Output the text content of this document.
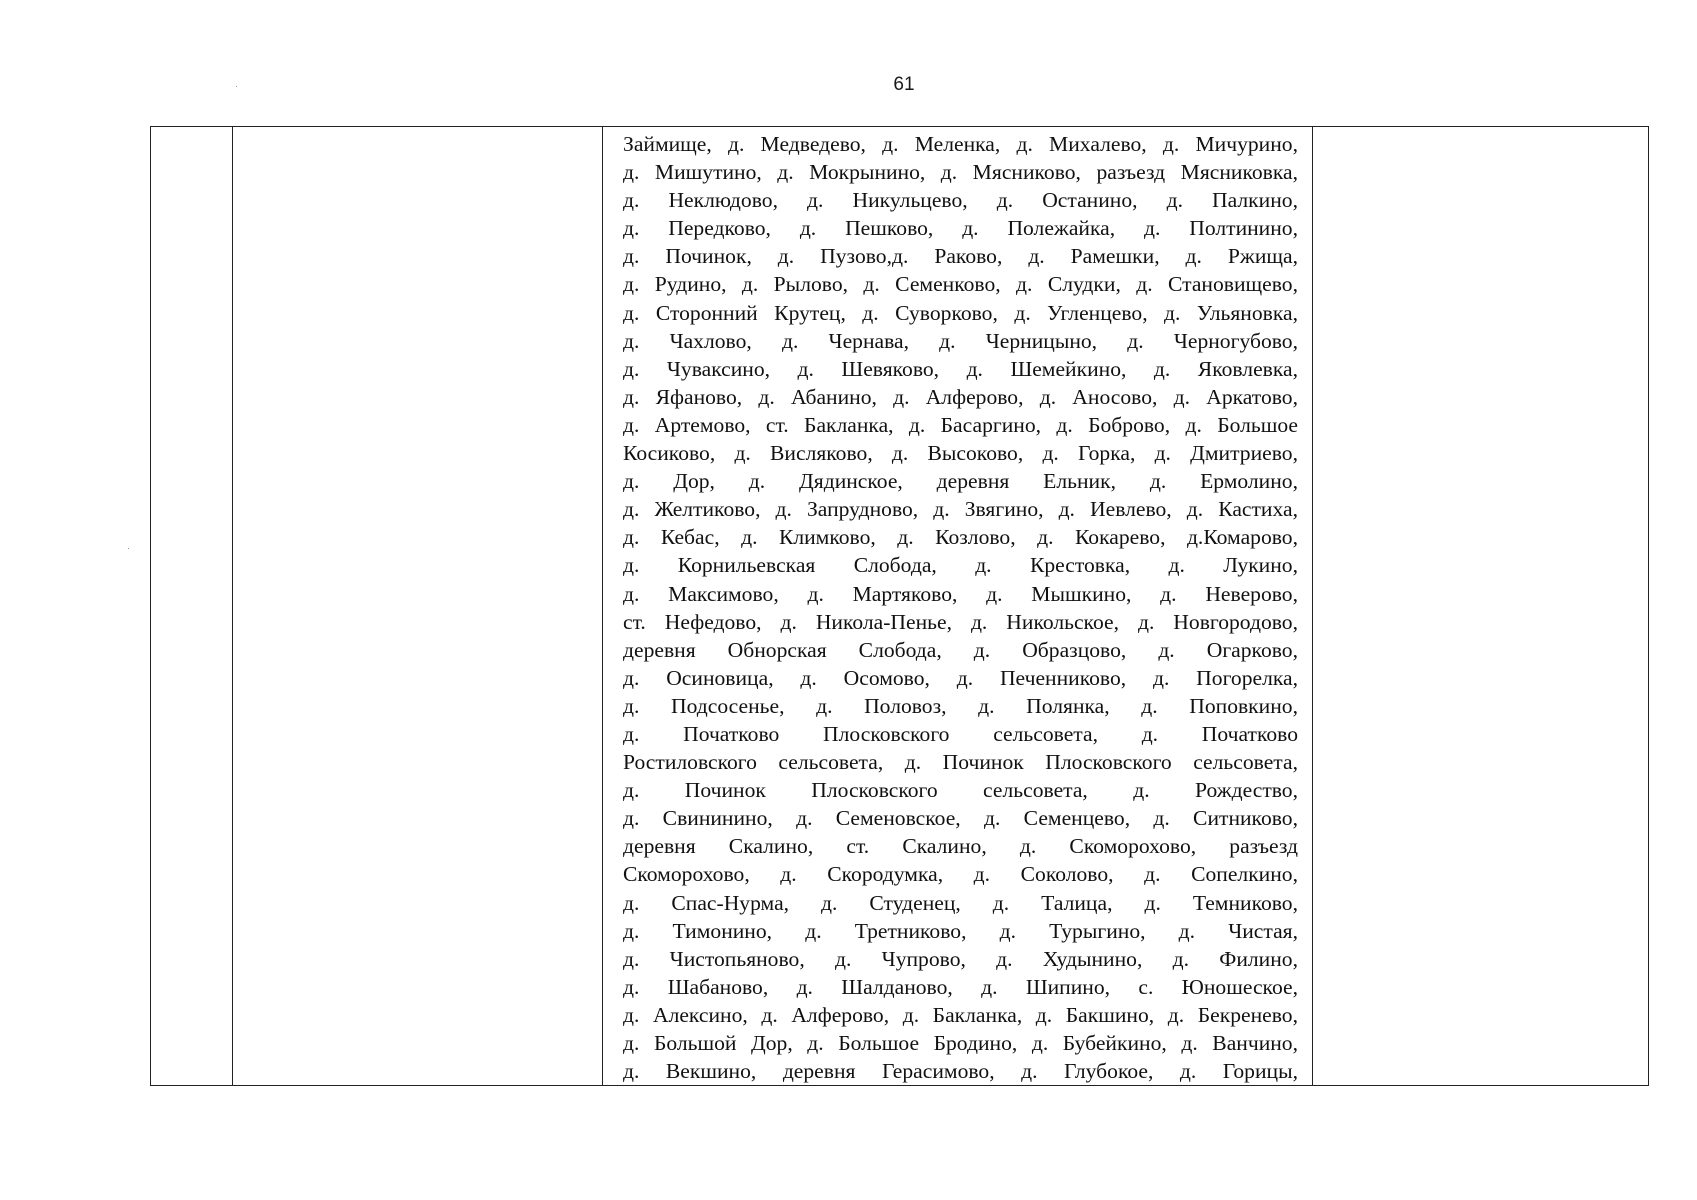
61

Займище, д. Медведево, д. Меленка, д. Михалево, д. Мичурино,
д. Мишутино, д. Мокрынино, д. Мясниково, разъезд Мясниковка,
д. Неклюдово, д. Никульцево, д. Останино, д. Палкино,
д. Передково, д. Пешково, д. Полежайка, д. Полтинино,
д. Починок, д. Пузово,д. Раково, д. Рамешки, д. Ржища,
д. Рудино, д. Рылово, д. Семенково, д. Слудки, д. Становищево,
д. Сторонний Крутец, д. Суворково, д. Угленцево, д. Ульяновка,
д. Чахлово, д. Чернава, д. Черницыно, д. Черногубово,
д. Чуваксино, д. Шевяково, д. Шемейкино, д. Яковлевка,
д. Яфаново, д. Абанино, д. Алферово, д. Аносово, д. Аркатово,
д. Артемово, ст. Бакланка, д. Басаргино, д. Боброво, д. Большое
Косиково, д. Висляково, д. Высоково, д. Горка, д. Дмитриево,
д. Дор, д. Дядинское, деревня Ельник, д. Ермолино,
д. Желтиково, д. Запрудново, д. Звягино, д. Иевлево, д. Кастиха,
д. Кебас, д. Климково, д. Козлово, д. Кокарево, д.Комарово,
д. Корнильевская Слобода, д. Крестовка, д. Лукино,
д. Максимово, д. Мартяково, д. Мышкино, д. Неверово,
ст. Нефедово, д. Никола-Пенье, д. Никольское, д. Новгородово,
деревня Обнорская Слобода, д. Образцово, д. Огарково,
д. Осиновица, д. Осомово, д. Печенниково, д. Погорелка,
д. Подсосенье, д. Половоз, д. Полянка, д. Поповкино,
д. Початково Плосковского сельсовета, д. Початково
Ростиловского сельсовета, д. Починок Плосковского сельсовета,
д. Починок Плосковского сельсовета, д. Рождество,
д. Свининино, д. Семеновское, д. Семенцево, д. Ситниково,
деревня Скалино, ст. Скалино, д. Скоморохово, разъезд
Скоморохово, д. Скородумка, д. Соколово, д. Сопелкино,
д. Спас-Нурма, д. Студенец, д. Талица, д. Темниково,
д. Тимонино, д. Третниково, д. Турыгино, д. Чистая,
д. Чистопьяново, д. Чупрово, д. Худынино, д. Филино,
д. Шабаново, д. Шалданово, д. Шипино, с. Юношеское,
д. Алексино, д. Алферово, д. Бакланка, д. Бакшино, д. Бекренево,
д. Большой Дор, д. Большое Бродино, д. Бубейкино, д. Ванчино,
д. Векшино, деревня Герасимово, д. Глубокое, д. Горицы,
